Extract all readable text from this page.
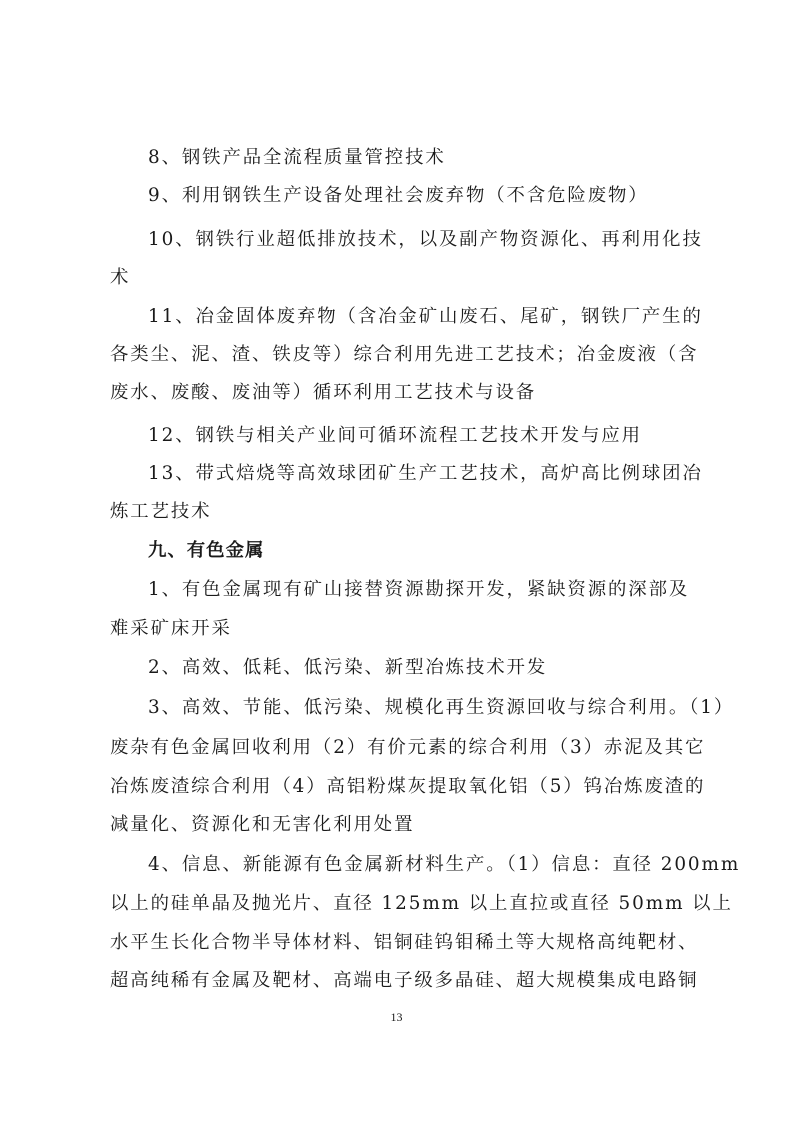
8、钢铁产品全流程质量管控技术
9、利用钢铁生产设备处理社会废弃物（不含危险废物）
10、钢铁行业超低排放技术，以及副产物资源化、再利用化技
术
11、冶金固体废弃物（含冶金矿山废石、尾矿，钢铁厂产生的
各类尘、泥、渣、铁皮等）综合利用先进工艺技术；冶金废液（含
废水、废酸、废油等）循环利用工艺技术与设备
12、钢铁与相关产业间可循环流程工艺技术开发与应用
13、带式焙烧等高效球团矿生产工艺技术，高炉高比例球团冶
炼工艺技术
九、有色金属
1、有色金属现有矿山接替资源勘探开发，紧缺资源的深部及
难采矿床开采
2、高效、低耗、低污染、新型冶炼技术开发
3、高效、节能、低污染、规模化再生资源回收与综合利用。（1）
废杂有色金属回收利用（2）有价元素的综合利用（3）赤泥及其它
冶炼废渣综合利用（4）高铝粉煤灰提取氧化铝（5）钨冶炼废渣的
减量化、资源化和无害化利用处置
4、信息、新能源有色金属新材料生产。（1）信息：直径 200mm
以上的硅单晶及抛光片、直径 125mm 以上直拉或直径 50mm 以上
水平生长化合物半导体材料、铝铜硅钨钼稀土等大规格高纯靶材、
超高纯稀有金属及靶材、高端电子级多晶硅、超大规模集成电路铜
13
